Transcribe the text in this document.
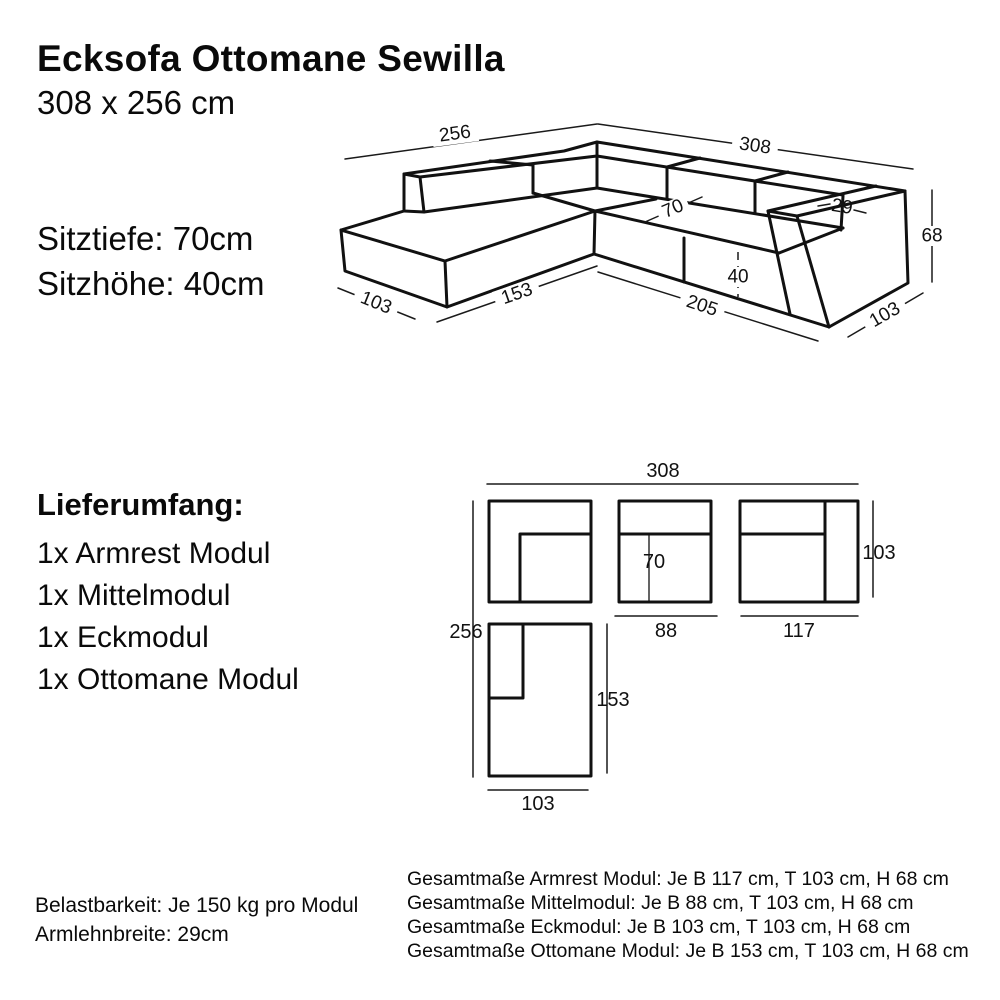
Ecksofa Ottomane Sewilla
308 x 256 cm
Sitztiefe: 70cm
Sitzhöhe: 40cm
Lieferumfang:
1x Armrest Modul
1x Mittelmodul
1x Eckmodul
1x Ottomane Modul
Belastbarkeit: Je 150 kg pro Modul
Armlehnbreite: 29cm
Gesamtmaße Armrest Modul: Je B 117 cm, T 103 cm, H 68 cm
Gesamtmaße Mittelmodul: Je B 88 cm, T 103 cm, H 68 cm
Gesamtmaße Eckmodul: Je B 103 cm, T 103 cm, H 68 cm
Gesamtmaße Ottomane Modul: Je B 153 cm, T 103 cm, H 68 cm
256	308
68
29
70
40
153	205
103	103
308
256
70
88	117
103
153
103
